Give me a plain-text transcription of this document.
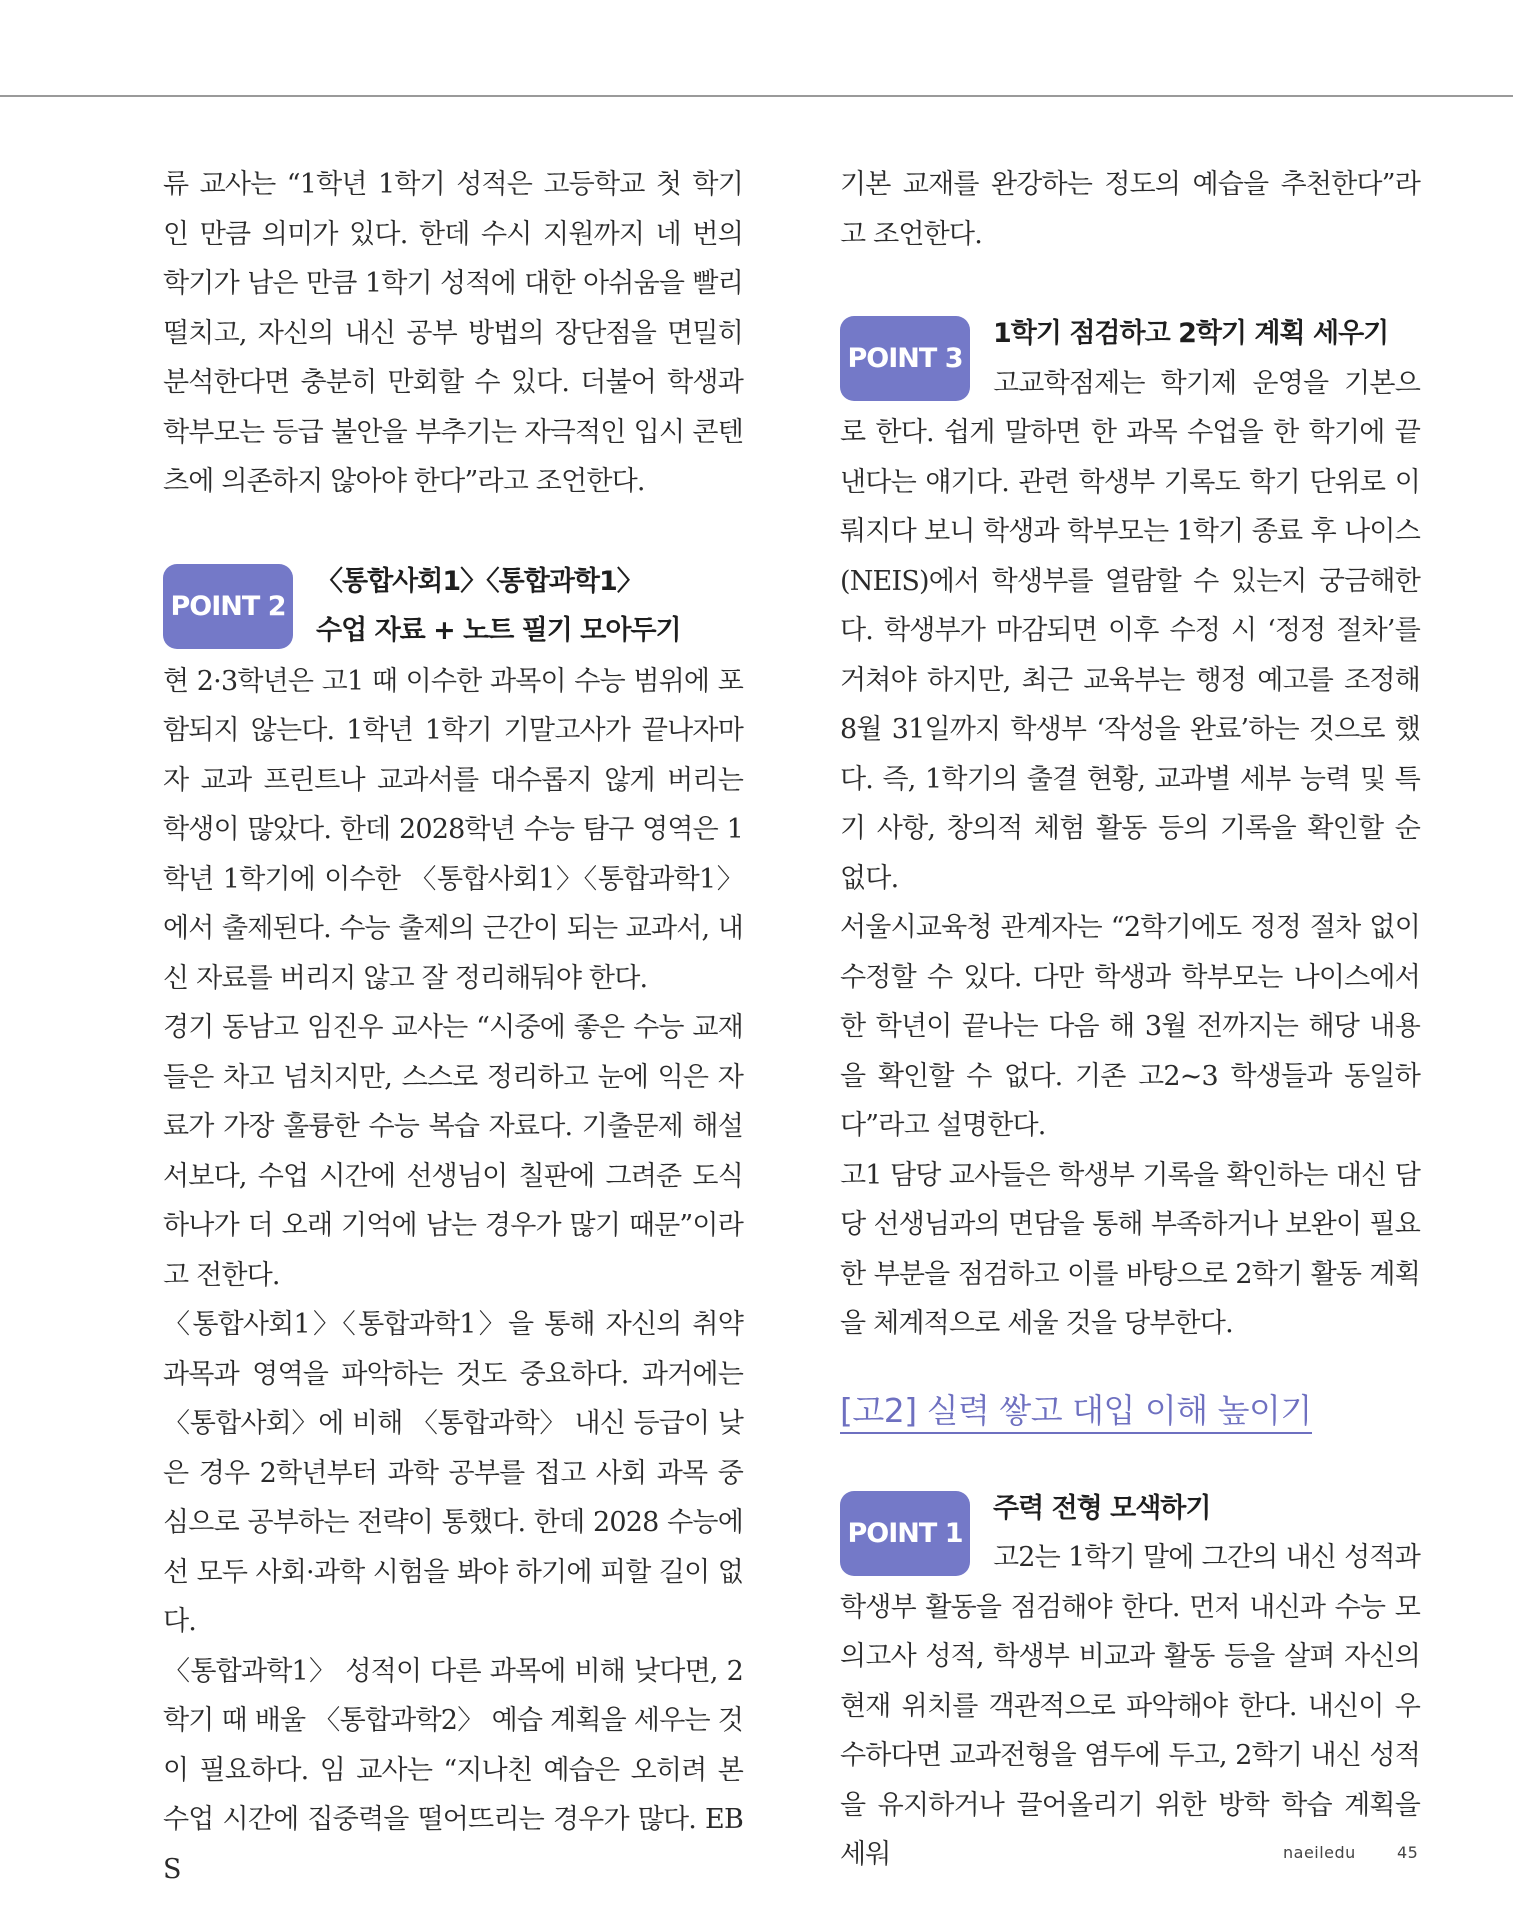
류 교사는 “1학년 1학기 성적은 고등학교 첫 학기인 만큼 의미가 있다. 한데 수시 지원까지 네 번의 학기가 남은 만큼 1학기 성적에 대한 아쉬움을 빨리 떨치고, 자신의 내신 공부 방법의 장단점을 면밀히 분석한다면 충분히 만회할 수 있다. 더불어 학생과 학부모는 등급 불안을 부추기는 자극적인 입시 콘텐츠에 의존하지 않아야 한다”라고 조언한다.

POINT 2

〈통합사회1〉〈통합과학1〉

수업 자료 + 노트 필기 모아두기

현 2·3학년은 고1 때 이수한 과목이 수능 범위에 포함되지 않는다. 1학년 1학기 기말고사가 끝나자마자 교과 프린트나 교과서를 대수롭지 않게 버리는 학생이 많았다. 한데 2028학년 수능 탐구 영역은 1학년 1학기에 이수한 〈통합사회1〉〈통합과학1〉에서 출제된다. 수능 출제의 근간이 되는 교과서, 내신 자료를 버리지 않고 잘 정리해둬야 한다.

경기 동남고 임진우 교사는 “시중에 좋은 수능 교재들은 차고 넘치지만, 스스로 정리하고 눈에 익은 자료가 가장 훌륭한 수능 복습 자료다. 기출문제 해설서보다, 수업 시간에 선생님이 칠판에 그려준 도식 하나가 더 오래 기억에 남는 경우가 많기 때문”이라고 전한다.

〈통합사회1〉〈통합과학1〉을 통해 자신의 취약 과목과 영역을 파악하는 것도 중요하다. 과거에는 〈통합사회〉에 비해 〈통합과학〉 내신 등급이 낮은 경우 2학년부터 과학 공부를 접고 사회 과목 중심으로 공부하는 전략이 통했다. 한데 2028 수능에선 모두 사회·과학 시험을 봐야 하기에 피할 길이 없다.

〈통합과학1〉 성적이 다른 과목에 비해 낮다면, 2학기 때 배울 〈통합과학2〉 예습 계획을 세우는 것이 필요하다. 임 교사는 “지나친 예습은 오히려 본 수업 시간에 집중력을 떨어뜨리는 경우가 많다. EBS

기본 교재를 완강하는 정도의 예습을 추천한다”라고 조언한다.

POINT 3

1학기 점검하고 2학기 계획 세우기

고교학점제는 학기제 운영을 기본으로 한다. 쉽게 말하면 한 과목 수업을 한 학기에 끝낸다는 얘기다. 관련 학생부 기록도 학기 단위로 이뤄지다 보니 학생과 학부모는 1학기 종료 후 나이스(NEIS)에서 학생부를 열람할 수 있는지 궁금해한다. 학생부가 마감되면 이후 수정 시 ‘정정 절차’를 거쳐야 하지만, 최근 교육부는 행정 예고를 조정해 8월 31일까지 학생부 ‘작성을 완료’하는 것으로 했다. 즉, 1학기의 출결 현황, 교과별 세부 능력 및 특기 사항, 창의적 체험 활동 등의 기록을 확인할 순 없다.

서울시교육청 관계자는 “2학기에도 정정 절차 없이 수정할 수 있다. 다만 학생과 학부모는 나이스에서 한 학년이 끝나는 다음 해 3월 전까지는 해당 내용을 확인할 수 없다. 기존 고2~3 학생들과 동일하다”라고 설명한다.

고1 담당 교사들은 학생부 기록을 확인하는 대신 담당 선생님과의 면담을 통해 부족하거나 보완이 필요한 부분을 점검하고 이를 바탕으로 2학기 활동 계획을 체계적으로 세울 것을 당부한다.

[고2] 실력 쌓고 대입 이해 높이기

POINT 1

주력 전형 모색하기

고2는 1학기 말에 그간의 내신 성적과 학생부 활동을 점검해야 한다. 먼저 내신과 수능 모의고사 성적, 학생부 비교과 활동 등을 살펴 자신의 현재 위치를 객관적으로 파악해야 한다. 내신이 우수하다면 교과전형을 염두에 두고, 2학기 내신 성적을 유지하거나 끌어올리기 위한 방학 학습 계획을 세워	naeiledu	45
